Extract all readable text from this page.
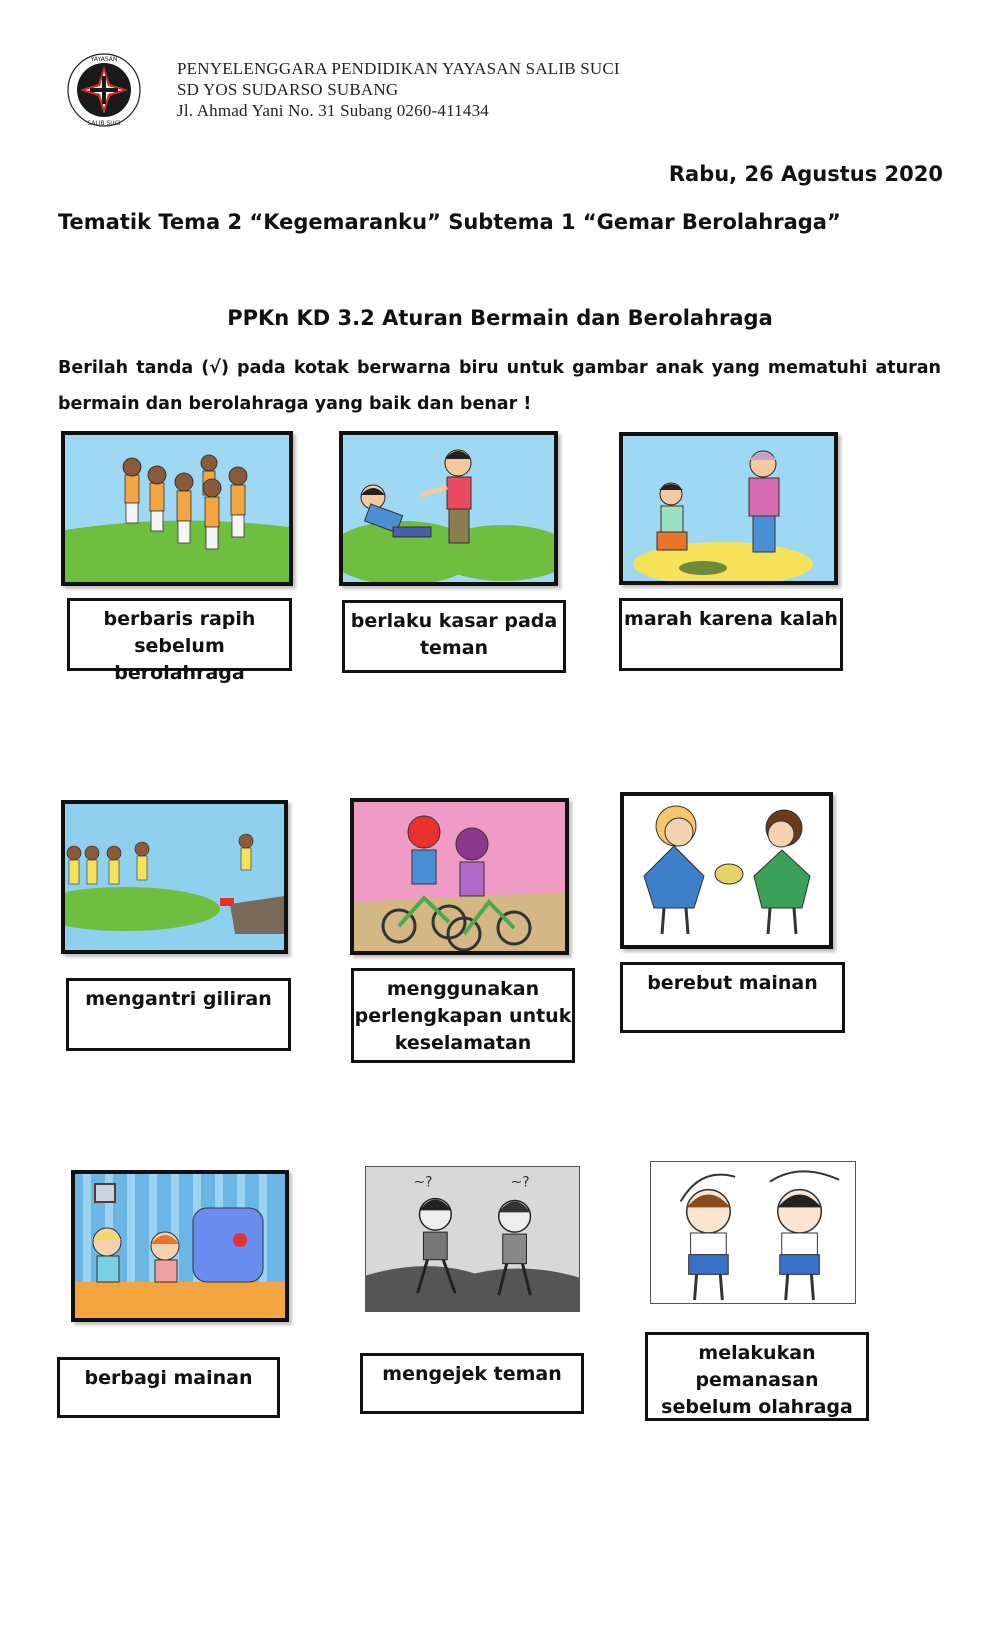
YAYASAN
SALIB SUCI
PENYELENGGARA PENDIDIKAN YAYASAN SALIB SUCI
SD YOS SUDARSO SUBANG
Jl. Ahmad Yani No. 31 Subang 0260-411434
Rabu, 26 Agustus 2020
Tematik Tema 2 “Kegemaranku” Subtema 1 “Gemar Berolahraga”
PPKn KD 3.2 Aturan Bermain dan Berolahraga
Berilah tanda (√) pada kotak berwarna biru untuk gambar anak yang mematuhi aturan bermain dan berolahraga yang baik dan benar !
berbaris rapih sebelum berolahraga
berlaku kasar pada teman
marah karena kalah
mengantri giliran	menggunakan perlengkapan untuk keselamatan
berebut mainan
berbagi mainan
~?	~?
mengejek teman
melakukan pemanasan sebelum olahraga
